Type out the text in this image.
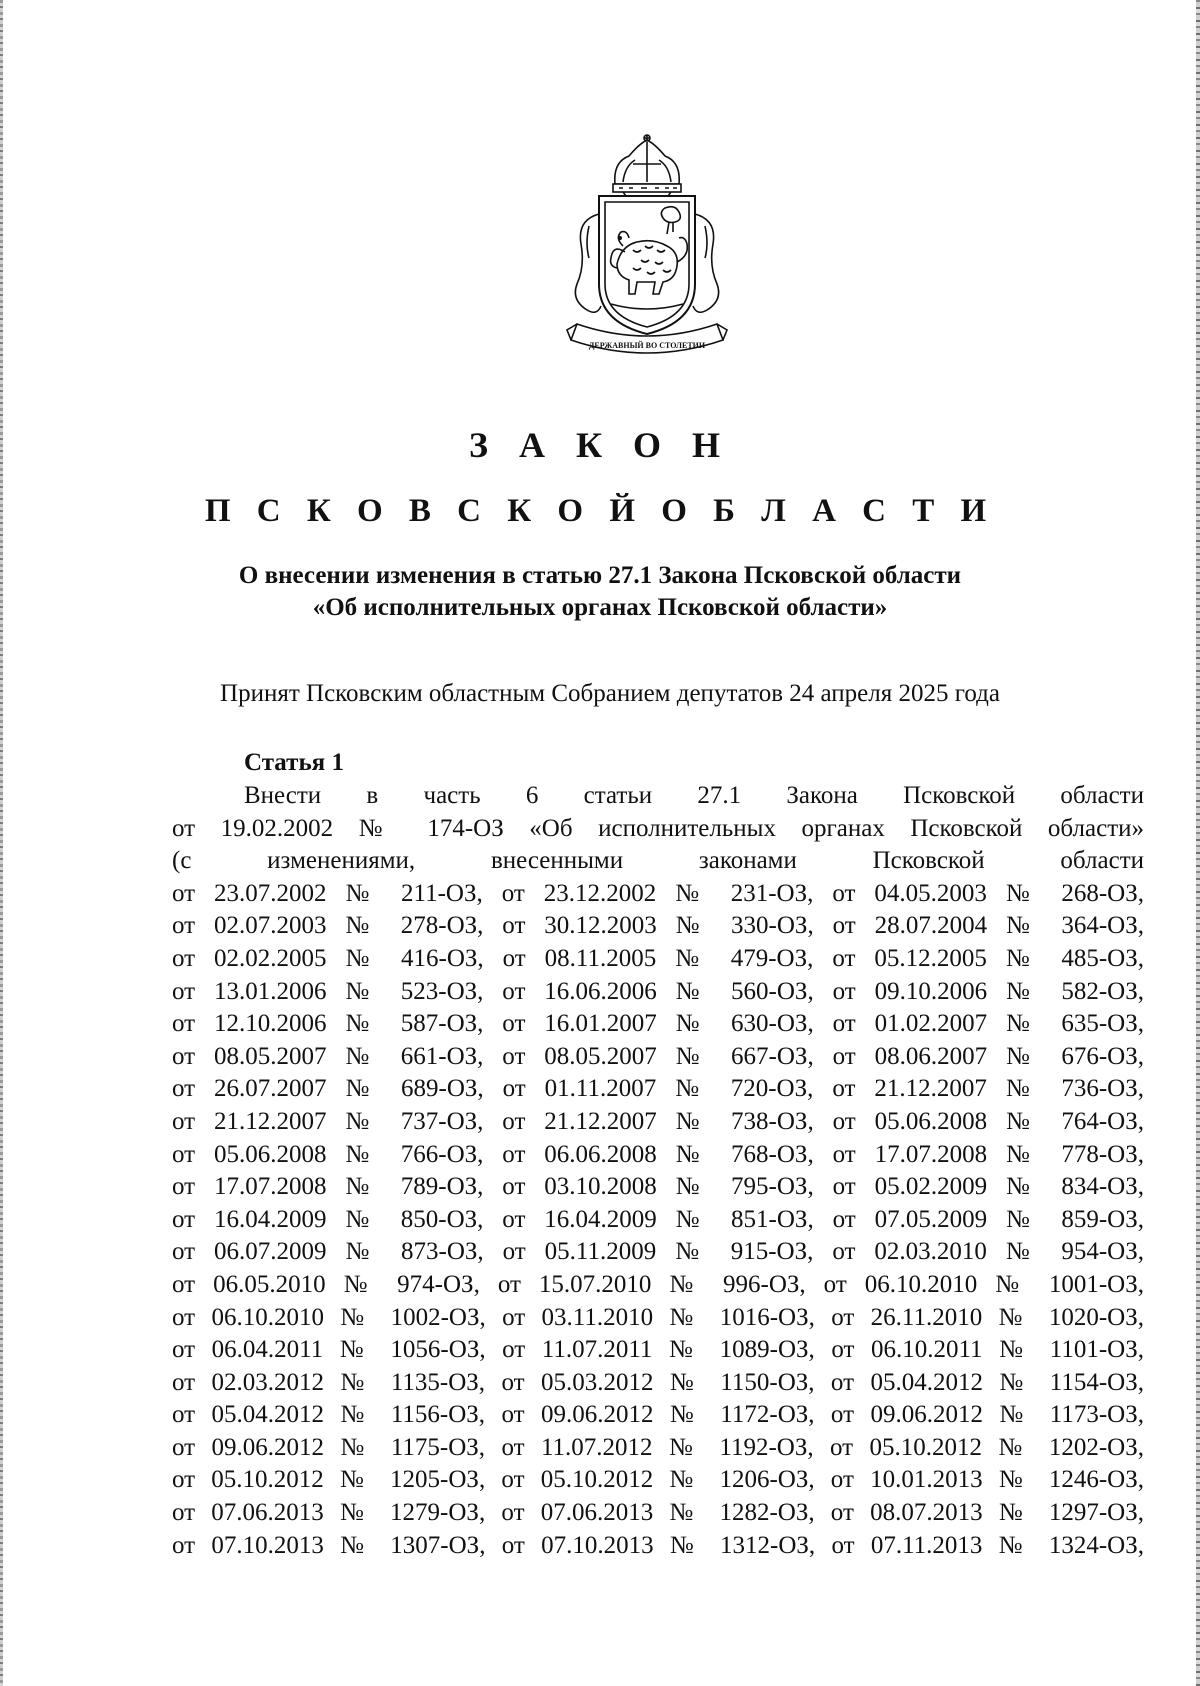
ДЕРЖАВНЫЙ ВО СТОЛЕТИИ
З А К О Н
П С К О В С К О Й О Б Л А С Т И
О внесении изменения в статью 27.1 Закона Псковской области
«Об исполнительных органах Псковской области»
Принят Псковским областным Собранием депутатов 24 апреля 2025 года
Статья 1
Внести в часть 6 статьи 27.1 Закона Псковской области
от 19.02.2002 № 174-ОЗ «Об исполнительных органах Псковской области»
(с изменениями, внесенными законами Псковской области
от 23.07.2002 № 211-ОЗ, от 23.12.2002 № 231-ОЗ, от 04.05.2003 № 268-ОЗ,
от 02.07.2003 № 278-ОЗ, от 30.12.2003 № 330-ОЗ, от 28.07.2004 № 364-ОЗ,
от 02.02.2005 № 416-ОЗ, от 08.11.2005 № 479-ОЗ, от 05.12.2005 № 485-ОЗ,
от 13.01.2006 № 523-ОЗ, от 16.06.2006 № 560-ОЗ, от 09.10.2006 № 582-ОЗ,
от 12.10.2006 № 587-ОЗ, от 16.01.2007 № 630-ОЗ, от 01.02.2007 № 635-ОЗ,
от 08.05.2007 № 661-ОЗ, от 08.05.2007 № 667-ОЗ, от 08.06.2007 № 676-ОЗ,
от 26.07.2007 № 689-ОЗ, от 01.11.2007 № 720-ОЗ, от 21.12.2007 № 736-ОЗ,
от 21.12.2007 № 737-ОЗ, от 21.12.2007 № 738-ОЗ, от 05.06.2008 № 764-ОЗ,
от 05.06.2008 № 766-ОЗ, от 06.06.2008 № 768-ОЗ, от 17.07.2008 № 778-ОЗ,
от 17.07.2008 № 789-ОЗ, от 03.10.2008 № 795-ОЗ, от 05.02.2009 № 834-ОЗ,
от 16.04.2009 № 850-ОЗ, от 16.04.2009 № 851-ОЗ, от 07.05.2009 № 859-ОЗ,
от 06.07.2009 № 873-ОЗ, от 05.11.2009 № 915-ОЗ, от 02.03.2010 № 954-ОЗ,
от 06.05.2010 № 974-ОЗ, от 15.07.2010 № 996-ОЗ, от 06.10.2010 № 1001-ОЗ,
от 06.10.2010 № 1002-ОЗ, от 03.11.2010 № 1016-ОЗ, от 26.11.2010 № 1020-ОЗ,
от 06.04.2011 № 1056-ОЗ, от 11.07.2011 № 1089-ОЗ, от 06.10.2011 № 1101-ОЗ,
от 02.03.2012 № 1135-ОЗ, от 05.03.2012 № 1150-ОЗ, от 05.04.2012 № 1154-ОЗ,
от 05.04.2012 № 1156-ОЗ, от 09.06.2012 № 1172-ОЗ, от 09.06.2012 № 1173-ОЗ,
от 09.06.2012 № 1175-ОЗ, от 11.07.2012 № 1192-ОЗ, от 05.10.2012 № 1202-ОЗ,
от 05.10.2012 № 1205-ОЗ, от 05.10.2012 № 1206-ОЗ, от 10.01.2013 № 1246-ОЗ,
от 07.06.2013 № 1279-ОЗ, от 07.06.2013 № 1282-ОЗ, от 08.07.2013 № 1297-ОЗ,
от 07.10.2013 № 1307-ОЗ, от 07.10.2013 № 1312-ОЗ, от 07.11.2013 № 1324-ОЗ,
